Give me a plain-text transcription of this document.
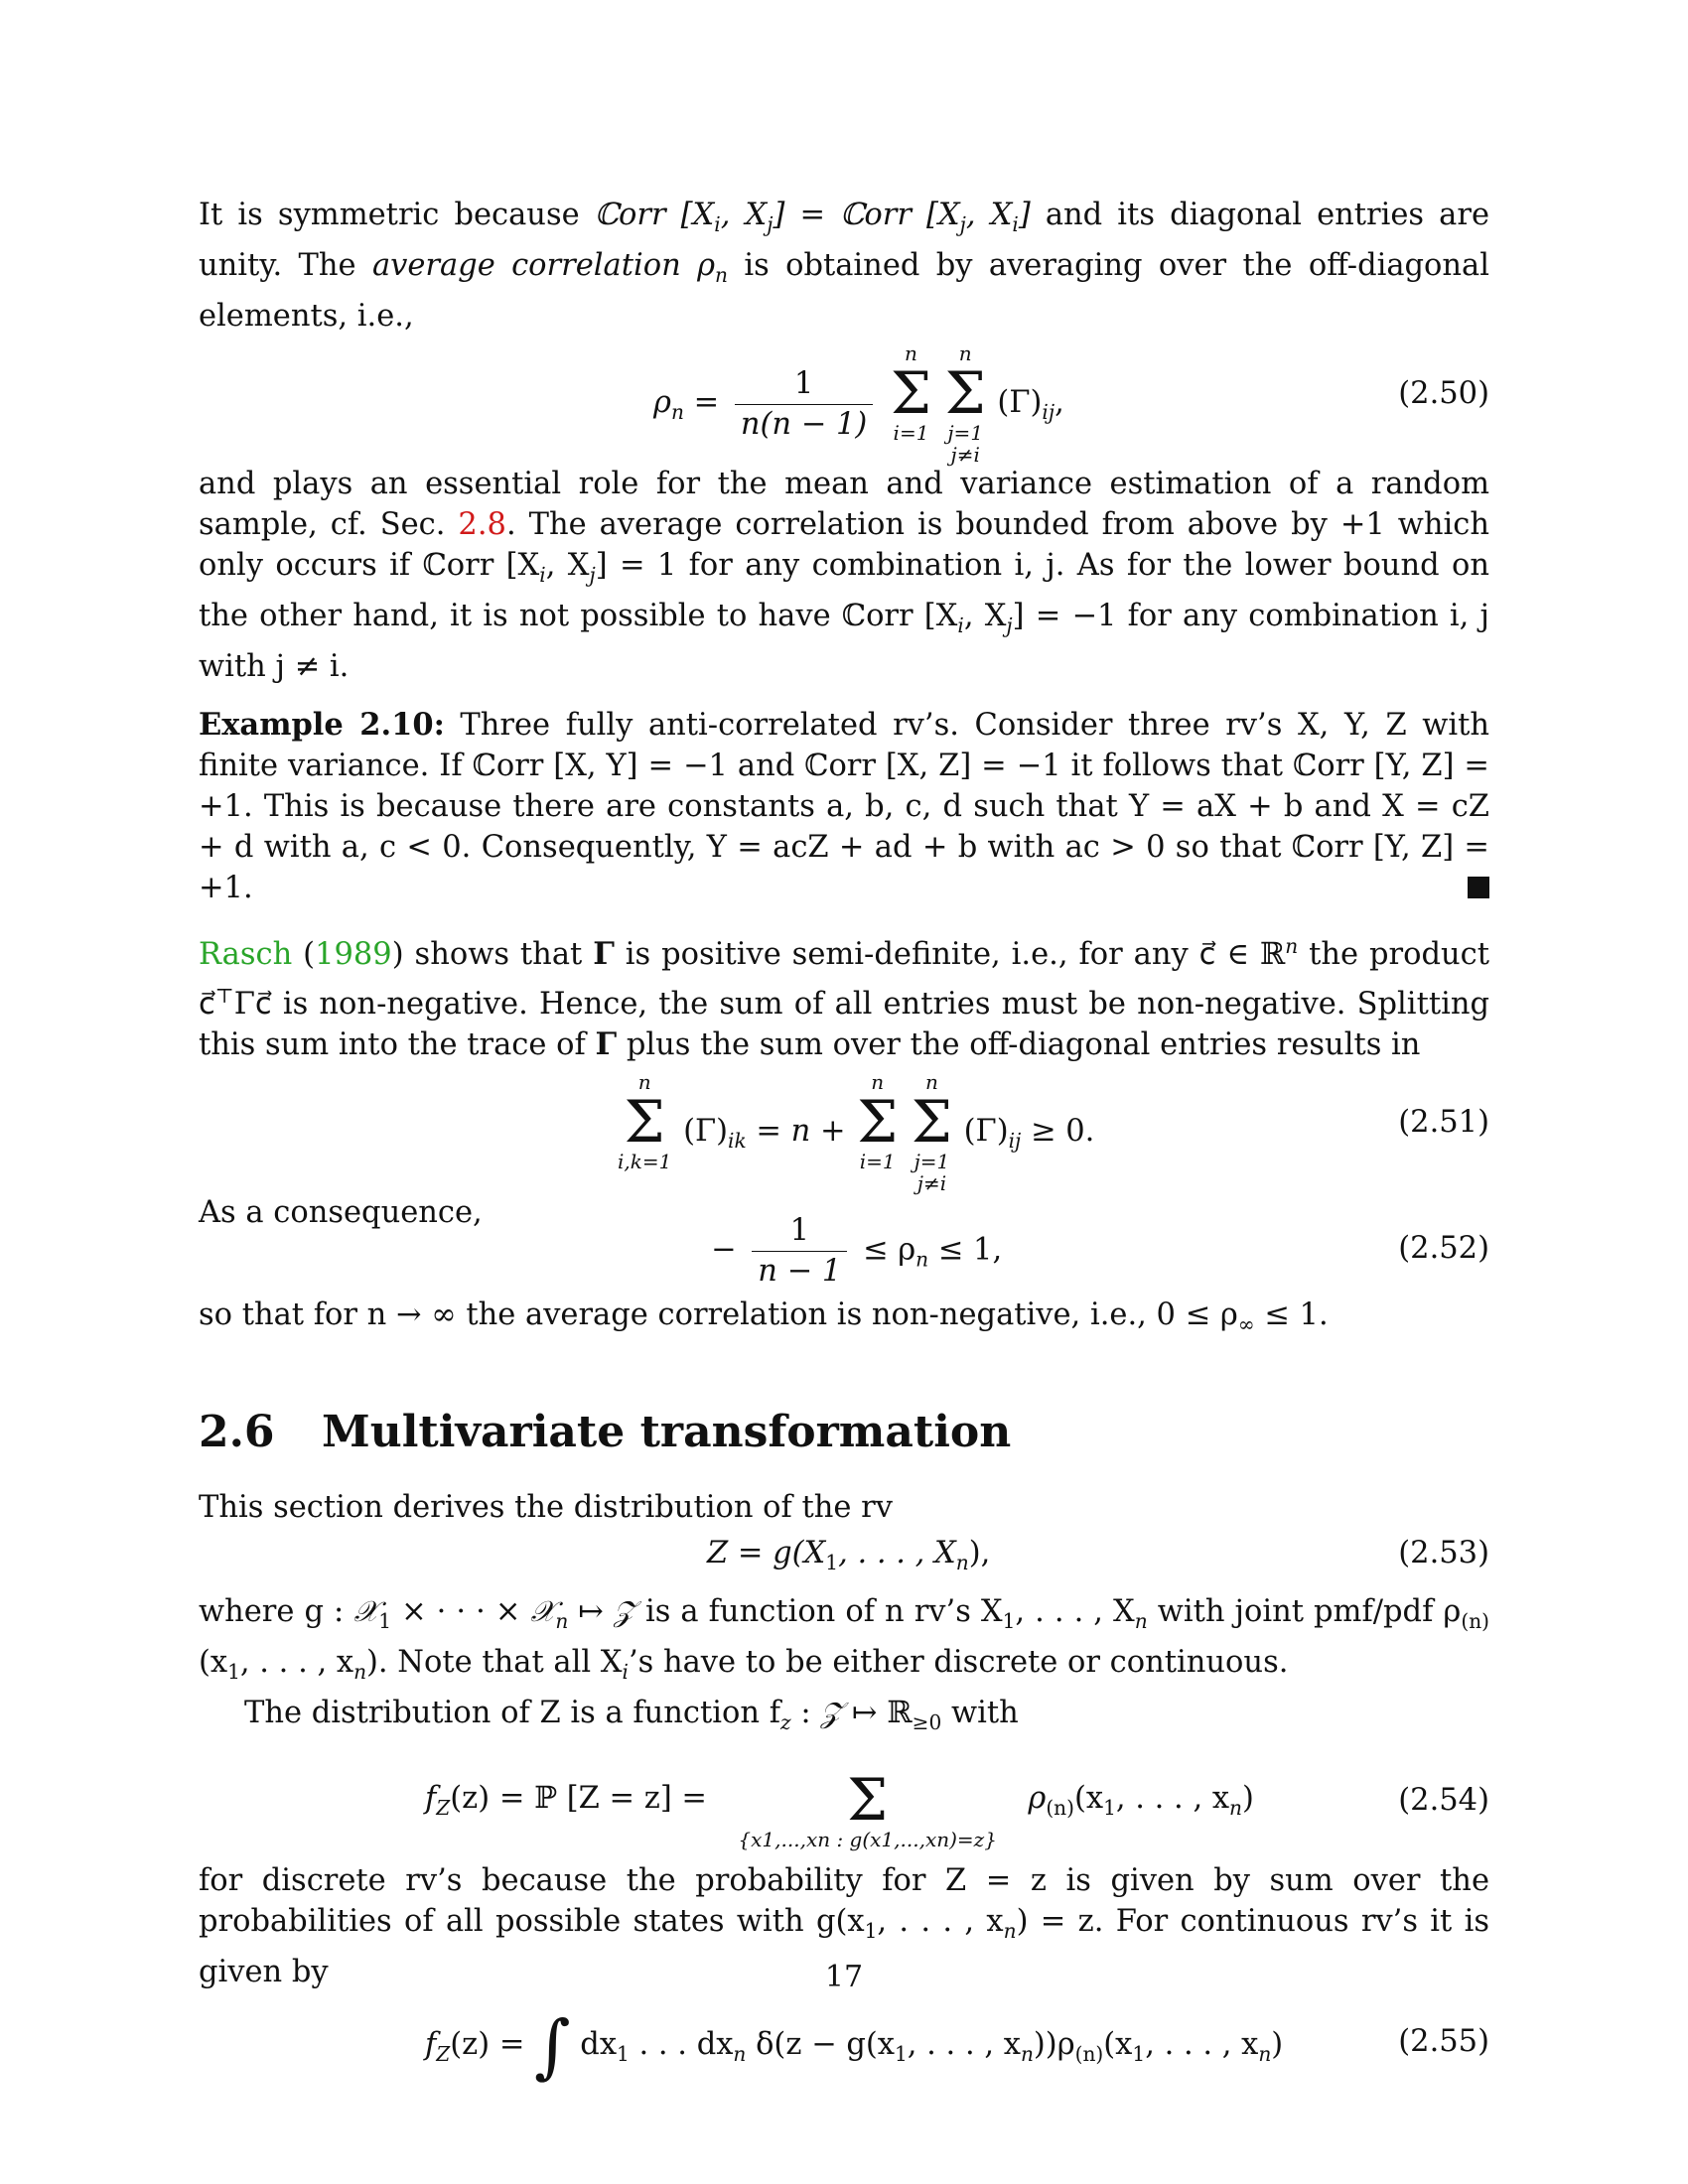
It is symmetric because ℂorr [$X_i$, $X_j$] = ℂorr [$X_j$, $X_i$] and its diagonal entries are unity. The average correlation $\rho_n$ is obtained by averaging over the off-diagonal elements, i.e.,

$\rho_n = \frac{1}{n(n - 1)}$

n
Σ
i=1

n
Σ
j=1
j≠i
$(\Gamma)_{ij}$,	(2.50)

and plays an essential role for the mean and variance estimation of a random sample, cf. Sec. 2.8. The average correlation is bounded from above by +1 which only occurs if ℂorr [$X_i$, $X_j] = 1$ for any combination i, j. As for the lower bound on the other hand, it is not possible to have ℂorr [$X_i$, $X_j] = -1$ for any combination i, j with j ≠ i.

Example 2.10: Three fully anti-correlated rv’s. Consider three rv’s X, Y, Z with finite variance. If ℂorr [X, Y] = −1 and ℂorr [X, Z] = −1 it follows that ℂorr [Y, Z] = +1. This is because there are constants a, b, c, d such that Y = aX + b and X = cZ + d with a, c < 0. Consequently, Y = acZ + ad + b with ac > 0 so that ℂorr [Y, Z] = +1.

Rasch (1989) shows that Γ is positive semi-definite, i.e., for any c⃗ ∈ ℝ$^n$ the product c⃗⊤Γc⃗ is non-negative. Hence, the sum of all entries must be non-negative. Splitting this sum into the trace of Γ plus the sum over the off-diagonal entries results in

n
Σ
i,k=1

$(\Gamma)_{ik} = n$ +
n
Σ
i=1

n
Σ
j=1
j≠i
$(\Gamma)_{ij} \ge 0$.	(2.51)

As a consequence,

− $\frac{1}{n - 1} \le \rho_n \le 1$,	(2.52)

so that for n → ∞ the average correlation is non-negative, i.e., $0 \le \rho_\infty \le 1$.

2.6 Multivariate transformation

This section derives the distribution of the rv

$Z = g(X_1$, . . . , $X_n$),	(2.53)

where g : 𝒳$_1$ × · · · × 𝒳$_n$ ↦ 𝒵 is a function of n rv’s $X_1$, . . . , $X_n$ with joint pmf/pdf $\rho_{(n)}(x_1$, . . . , $x_n$). Note that all $X_i’s$ have to be either discrete or continuous.

The distribution of Z is a function $f_z$ : 𝒵 ↦ ℝ$_{\ge 0}$ with

$f_Z(z)$ = ℙ [Z = z] =
	Σ
{x1,...,xn : g(x1,...,xn)=z}
$\rho_{(n)}(x_1$, . . . , $x_n$)	(2.54)

for discrete rv’s because the probability for Z = z is given by sum over the probabilities of all possible states with $g(x_1$, . . . , $x_n) = z$. For continuous rv’s it is given by

$f_Z(z)$ = ∫ $dx_1$ . . . $dx_n$ $\delta(z - g(x_1$, . . . , $x_n))\rho_{(n)}(x_1$, . . . , $x_n$)	(2.55)
17
